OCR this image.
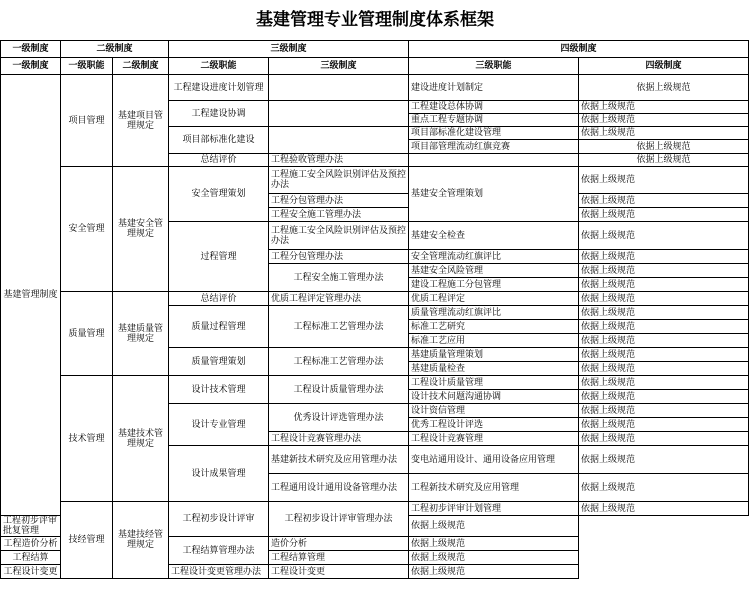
基建管理专业管理制度体系框架
一级制度	二级制度		三级制度		四级制度	
一级制度	一级职能	二级制度	二级职能	三级制度	三级职能	四级制度
基建管理制度	项目管理	基建项目管理规定	工程建设进度计划管理		建设进度计划制定	依据上级规范
			工程建设协调		工程建设总体协调	依据上级规范
					重点工程专题协调	依据上级规范
			项目部标准化建设		项目部标准化建设管理	依据上级规范
					项目部管理流动红旗竞赛	依据上级规范

			总结评价	工程验收管理办法		依据上级规范
	安全管理	基建安全管理规定	安全管理策划	工程施工安全风险识别评估及预控办法	基建安全管理策划	依据上级规范
				工程分包管理办法		依据上级规范
				工程安全施工管理办法		依据上级规范
			过程管理	工程施工安全风险识别评估及预控办法	基建安全检查	依据上级规范
				工程分包管理办法	安全管理流动红旗评比	依据上级规范
				工程安全施工管理办法	基建安全风险管理	依据上级规范
					建设工程施工分包管理	依据上级规范
	质量管理	基建质量管理规定	总结评价	优质工程评定管理办法	优质工程评定	依据上级规范
			质量过程管理	工程标准工艺管理办法	质量管理流动红旗评比	依据上级规范
					标准工艺研究	依据上级规范
					标准工艺应用	依据上级规范
			质量管理策划	工程标准工艺管理办法	基建质量管理策划	依据上级规范
					基建质量检查	依据上级规范
	技术管理	基建技术管理规定	设计技术管理	工程设计质量管理办法	工程设计质量管理	依据上级规范
					设计技术问题沟通协调	依据上级规范
			设计专业管理	优秀设计评选管理办法	设计资信管理	依据上级规范
					优秀工程设计评选	依据上级规范
				工程设计竞赛管理办法	工程设计竞赛管理	依据上级规范
			设计成果管理	基建新技术研究及应用管理办法	变电站通用设计、通用设备应用管理	依据上级规范
				工程通用设计通用设备管理办法	工程新技术研究及应用管理	依据上级规范

	技经管理	基建技经管理规定	工程初步设计评审	工程初步设计评审管理办法	工程初步评审计划管理	依据上级规范
工程初步评审批复管理					依据上级规范	
工程造价分析			工程结算管理办法	造价分析	依据上级规范	
工程结算				工程结算管理	依据上级规范	
工程设计变更			工程设计变更管理办法	工程设计变更	依据上级规范	
